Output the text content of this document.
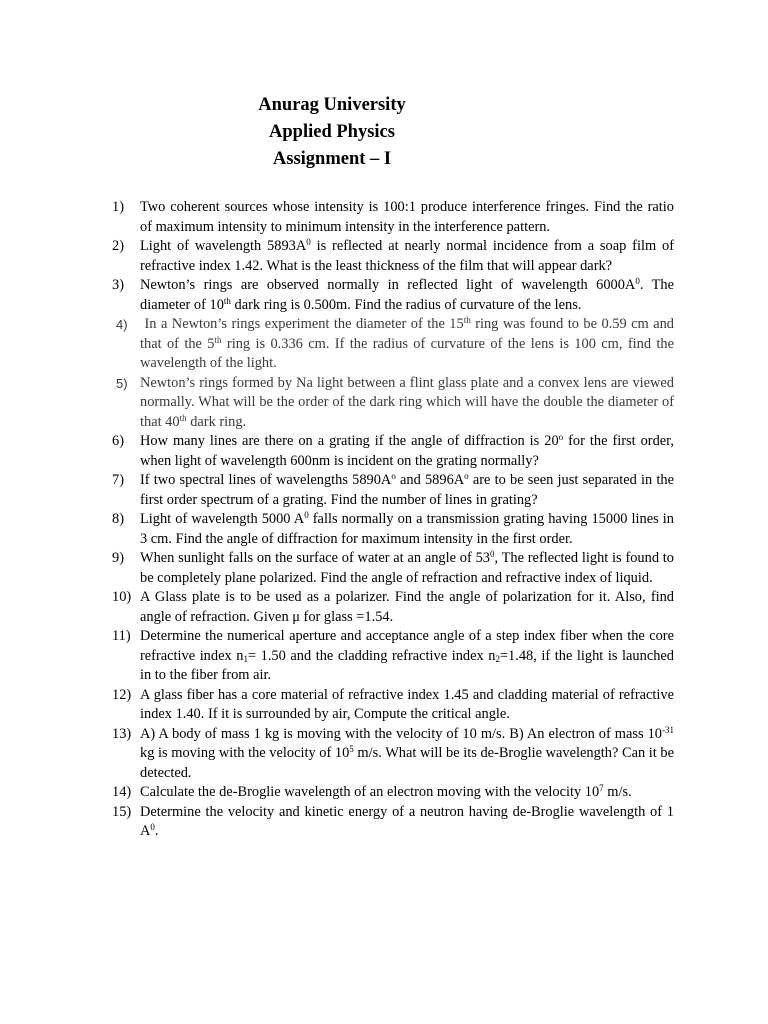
Anurag University
Applied Physics
Assignment – I
1)	Two coherent sources whose intensity is 100:1 produce interference fringes. Find the ratio of maximum intensity to minimum intensity in the interference pattern.
2)	Light of wavelength $5893A^0$ is reflected at nearly normal incidence from a soap film of refractive index 1.42. What is the least thickness of the film that will appear dark?
3)	Newton’s rings are observed normally in reflected light of wavelength $6000A^0$. The diameter of 10th dark ring is 0.500m. Find the radius of curvature of the lens.
4) In a Newton’s rings experiment the diameter of the 15th ring was found to be 0.59 cm and that of the 5th ring is 0.336 cm. If the radius of curvature of the lens is 100 cm, find the wavelength of the light.
5) Newton’s rings formed by Na light between a flint glass plate and a convex lens are viewed normally. What will be the order of the dark ring which will have the double the diameter of that 40th dark ring.
6)	How many lines are there on a grating if the angle of diffraction is 20$^o$ for the first order, when light of wavelength 600nm is incident on the grating normally?
7)	If two spectral lines of wavelengths $5890A^o$ and $5896A^o$ are to be seen just separated in the first order spectrum of a grating. Find the number of lines in grating?
8)	Light of wavelength 5000 $A^0$ falls normally on a transmission grating having 15000 lines in 3 cm. Find the angle of diffraction for maximum intensity in the first order.
9)	When sunlight falls on the surface of water at an angle of $53^0$, The reflected light is found to be completely plane polarized. Find the angle of refraction and refractive index of liquid.
10) A Glass plate is to be used as a polarizer. Find the angle of polarization for it. Also, find angle of refraction. Given μ for glass =1.54.
11) Determine the numerical aperture and acceptance angle of a step index fiber when the core refractive index $n_1= 1.50$ and the cladding refractive index $n_2=1.48$, if the light is launched in to the fiber from air.
12) A glass fiber has a core material of refractive index 1.45 and cladding material of refractive index 1.40. If it is surrounded by air, Compute the critical angle.
13) A) A body of mass 1 kg is moving with the velocity of 10 m/s. B) An electron of mass $10^{-31}$ kg is moving with the velocity of $10^5$ m/s. What will be its de-Broglie wavelength? Can it be detected.
14) Calculate the de-Broglie wavelength of an electron moving with the velocity $10^7$ m/s.
15) Determine the velocity and kinetic energy of a neutron having de-Broglie wavelength of 1 $A^0$.
